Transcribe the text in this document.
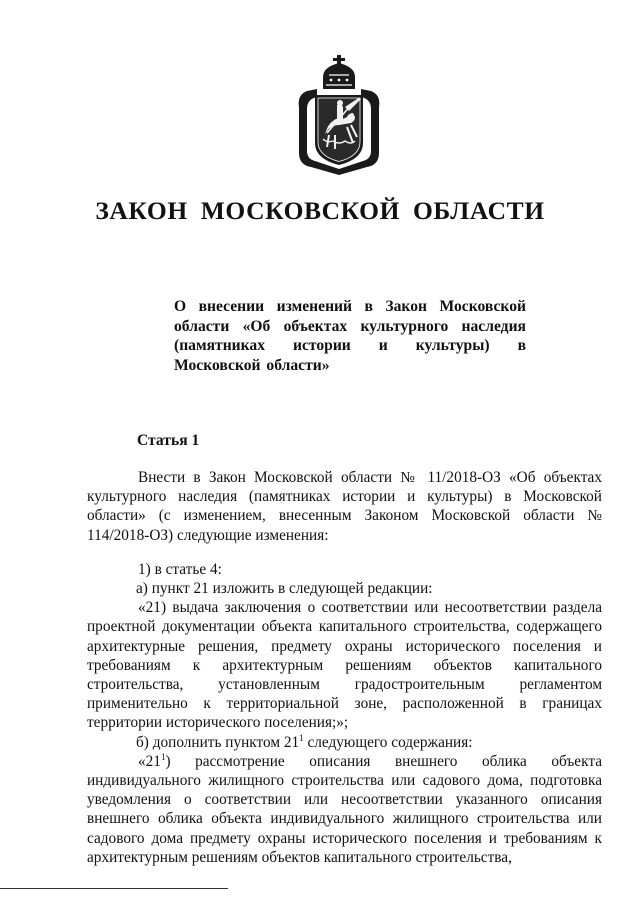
ЗАКОН МОСКОВСКОЙ ОБЛАСТИ

О внесении изменений в Закон Московской области «Об объектах культурного наследия (памятниках истории и культуры) в Московской области»

Статья 1

Внести в Закон Московской области № 11/2018-ОЗ «Об объектах культурного наследия (памятниках истории и культуры) в Московской области» (с изменением, внесенным Законом Московской области № 114/2018-ОЗ) следующие изменения:

1) в статье 4:

а) пункт 21 изложить в следующей редакции:

«21) выдача заключения о соответствии или несоответствии раздела проектной документации объекта капитального строительства, содержащего архитектурные решения, предмету охраны исторического поселения и требованиям к архитектурным решениям объектов капитального строительства, установленным градостроительным регламентом применительно к территориальной зоне, расположенной в границах территории исторического поселения;»;

б) дополнить пунктом $21^1$ следующего содержания:

«$21^1$) рассмотрение описания внешнего облика объекта индивидуального жилищного строительства или садового дома, подготовка уведомления о соответствии или несоответствии указанного описания внешнего облика объекта индивидуального жилищного строительства или садового дома предмету охраны исторического поселения и требованиям к архитектурным решениям объектов капитального строительства,
